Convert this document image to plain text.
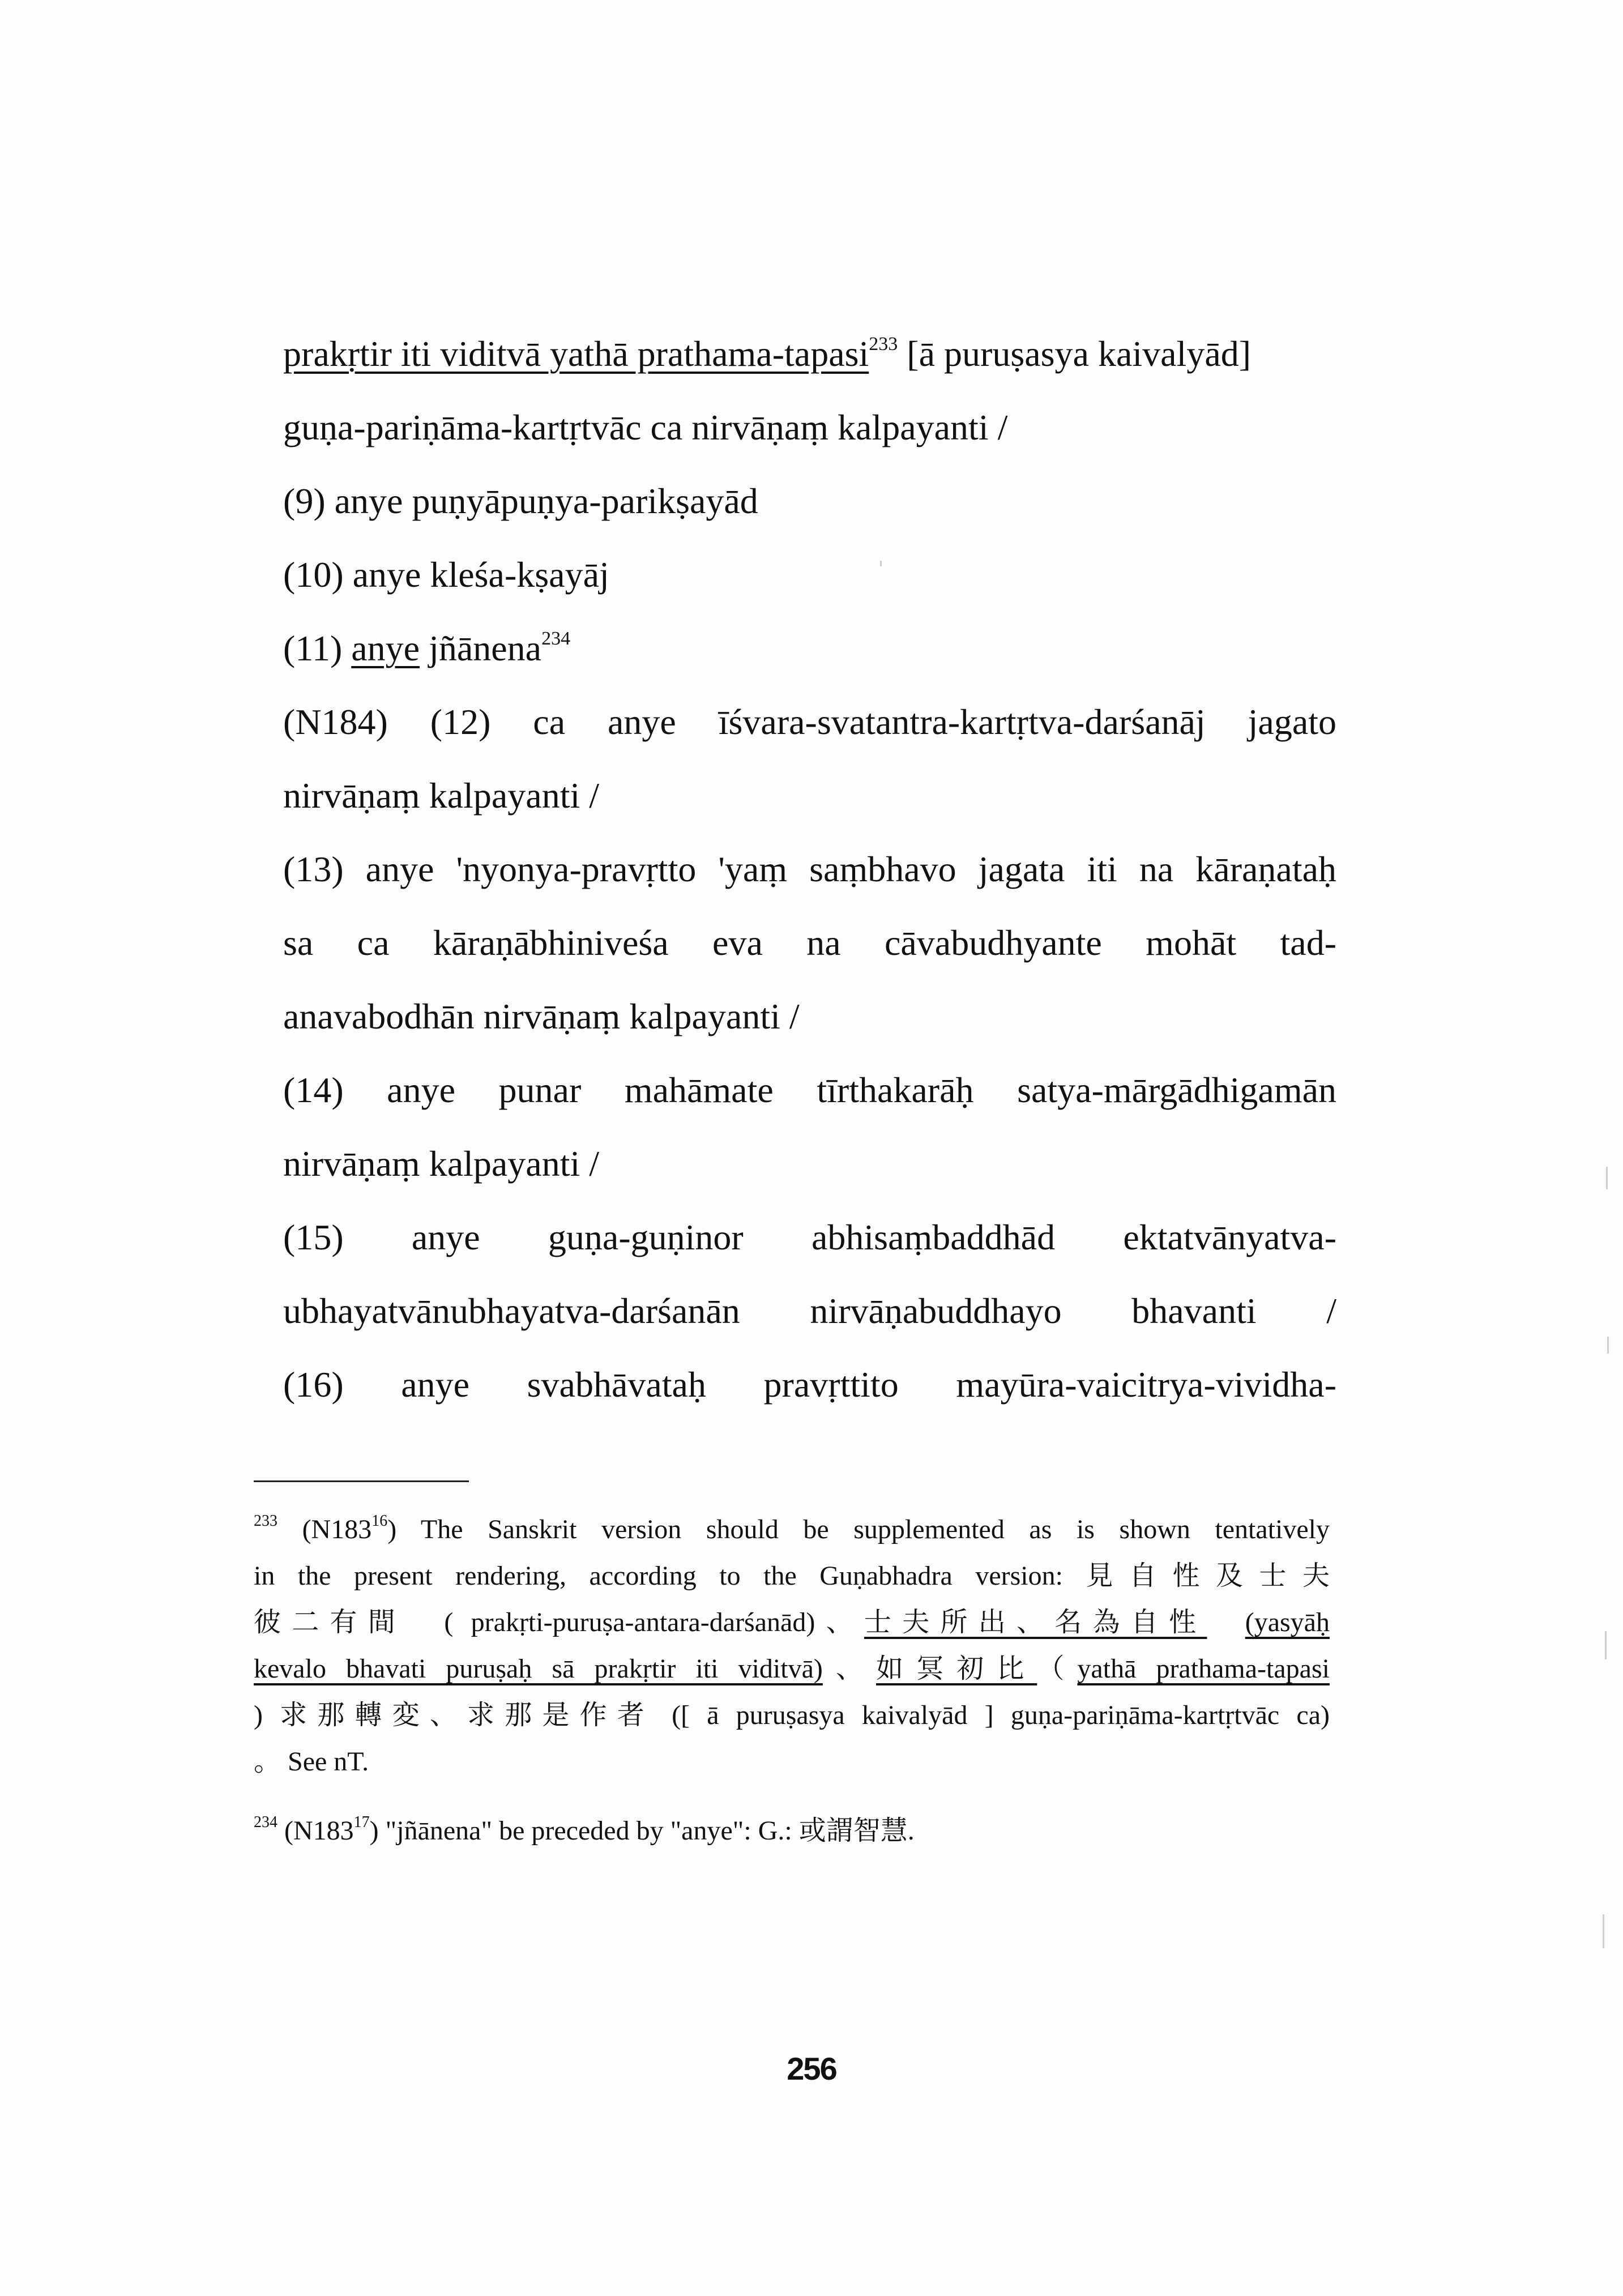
prakṛtir iti viditvā yathā prathama-tapasi$^{233}$ [ā puruṣasya kaivalyād]
guṇa-pariṇāma-kartṛtvāc ca nirvāṇaṃ kalpayanti /
(9) anye puṇyāpuṇya-parikṣayād
(10) anye kleśa-kṣayāj
(11) anye jñānena$^{234}$
(N184) (12) ca anye īśvara-svatantra-kartṛtva-darśanāj jagato
nirvāṇaṃ kalpayanti /
(13) anye 'nyonya-pravṛtto 'yaṃ saṃbhavo jagata iti na kāraṇataḥ
sa ca kāraṇābhiniveśa eva na cāvabudhyante mohāt tad-
anavabodhān nirvāṇaṃ kalpayanti /
(14) anye punar mahāmate tīrthakarāḥ satya-mārgādhigamān
nirvāṇaṃ kalpayanti /
(15) anye guṇa-guṇinor abhisaṃbaddhād ektatvānyatva-
ubhayatvānubhayatva-darśanān nirvāṇabuddhayo bhavanti /
(16) anye svabhāvataḥ pravṛttito mayūra-vaicitrya-vividha-
$^{233}$ $(N183^{16})$ The Sanskrit version should be supplemented as is shown tentatively
in the present rendering, according to the Guṇabhadra version: 見自性及士夫
彼二有間　( prakṛti-puruṣa-antara-darśanād)、士夫所出、名為自性　 (yasyāḥ
kevalo bhavati puruṣaḥ sā prakṛtir iti viditvā)、如冥初比（yathā prathama-tapasi
) 求那轉変、求那是作者 ([ ā puruṣasya kaivalyād ] guṇa-pariṇāma-kartṛtvāc ca)
。 See nT.
$^{234}$ $(N183^{17})$ "jñānena" be preceded by "anye": G.: 或謂智慧.
256
